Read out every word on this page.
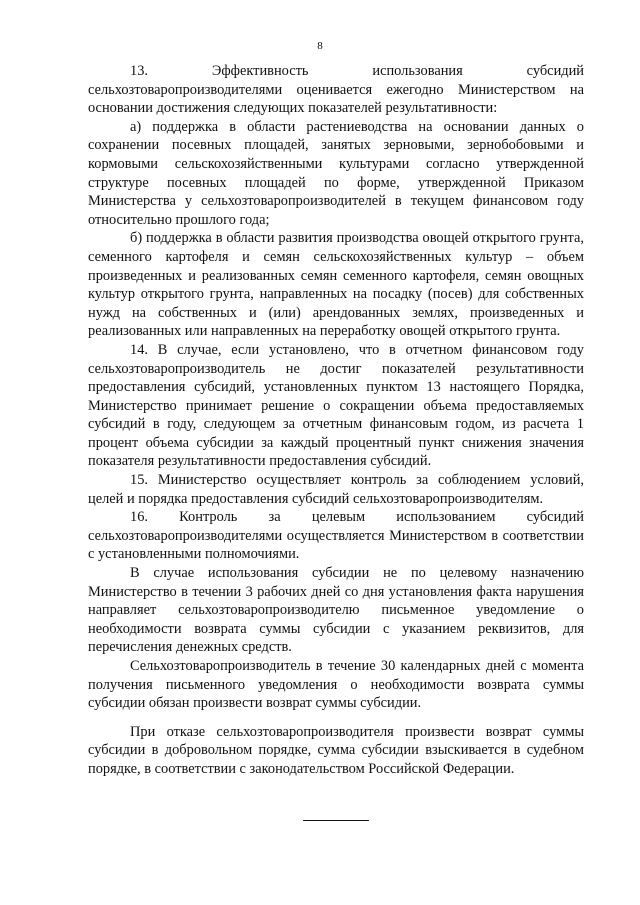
8

13. Эффективность использования субсидий сельхозтоваропроизводителями оценивается ежегодно Министерством на основании достижения следующих показателей результативности:

а) поддержка в области растениеводства на основании данных о сохранении посевных площадей, занятых зерновыми, зернобобовыми и кормовыми сельскохозяйственными культурами согласно утвержденной структуре посевных площадей по форме, утвержденной Приказом Министерства у сельхозтоваропроизводителей в текущем финансовом году относительно прошлого года;

б) поддержка в области развития производства овощей открытого грунта, семенного картофеля и семян сельскохозяйственных культур – объем произведенных и реализованных семян семенного картофеля, семян овощных культур открытого грунта, направленных на посадку (посев) для собственных нужд на собственных и (или) арендованных землях, произведенных и реализованных или направленных на переработку овощей открытого грунта.

14. В случае, если установлено, что в отчетном финансовом году сельхозтоваропроизводитель не достиг показателей результативности предоставления субсидий, установленных пунктом 13 настоящего Порядка, Министерство принимает решение о сокращении объема предоставляемых субсидий в году, следующем за отчетным финансовым годом, из расчета 1 процент объема субсидии за каждый процентный пункт снижения значения показателя результативности предоставления субсидий.

15. Министерство осуществляет контроль за соблюдением условий, целей и порядка предоставления субсидий сельхозтоваропроизводителям.

16. Контроль за целевым использованием субсидий сельхозтоваропроизводителями осуществляется Министерством в соответствии с установленными полномочиями.

В случае использования субсидии не по целевому назначению Министерство в течении 3 рабочих дней со дня установления факта нарушения направляет сельхозтоваропроизводителю письменное уведомление о необходимости возврата суммы субсидии с указанием реквизитов, для перечисления денежных средств.

Сельхозтоваропроизводитель в течение 30 календарных дней с момента получения письменного уведомления о необходимости возврата суммы субсидии обязан произвести возврат суммы субсидии.

При отказе сельхозтоваропроизводителя произвести возврат суммы субсидии в добровольном порядке, сумма субсидии взыскивается в судебном порядке, в соответствии с законодательством Российской Федерации.
